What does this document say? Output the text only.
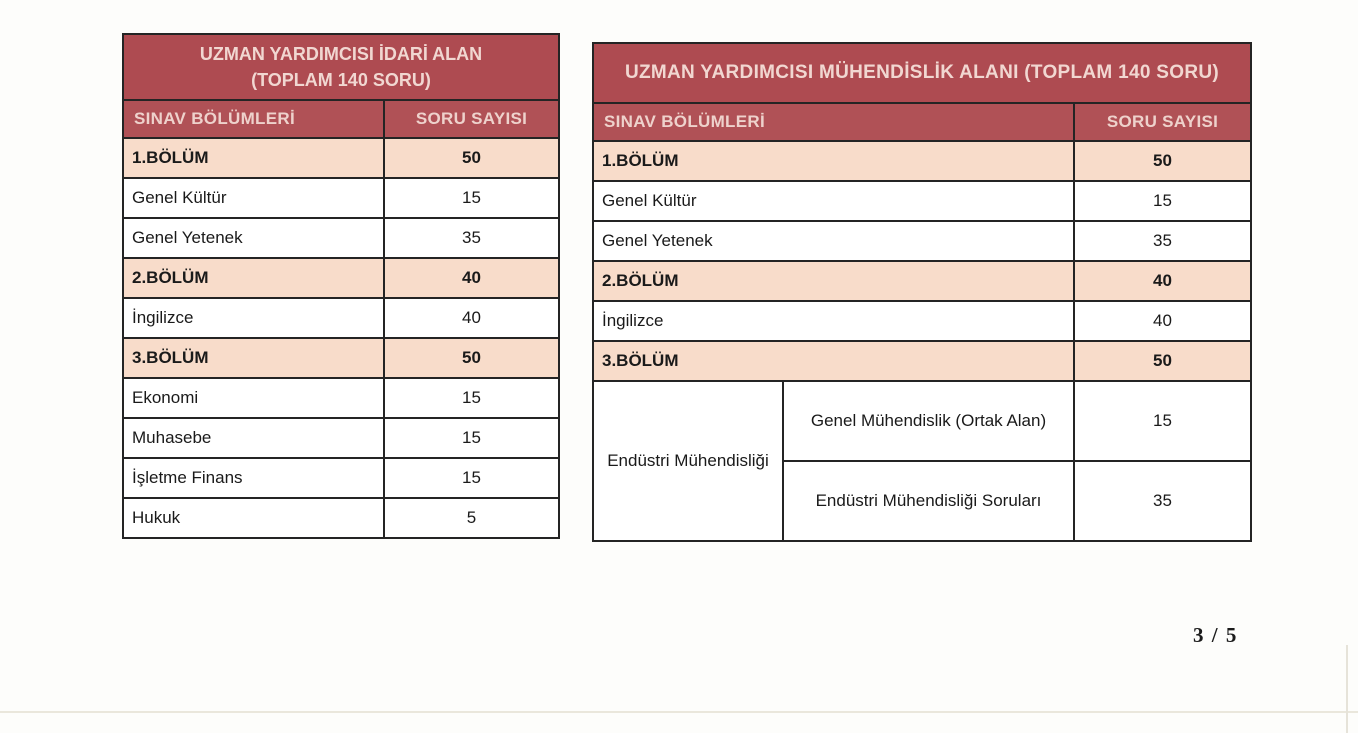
UZMAN YARDIMCISI İDARİ ALAN
(TOPLAM 140 SORU)	

SINAV BÖLÜMLERİ	SORU SAYISI
1.BÖLÜM	50
Genel Kültür	15
Genel Yetenek	35
2.BÖLÜM	40
İngilizce	40
3.BÖLÜM	50
Ekonomi	15
Muhasebe	15
İşletme Finans	15
Hukuk	5
UZMAN YARDIMCISI MÜHENDİSLİK ALANI (TOPLAM 140 SORU)		
SINAV BÖLÜMLERİ		SORU SAYISI
1.BÖLÜM		50
Genel Kültür		15
Genel Yetenek		35
2.BÖLÜM		40
İngilizce		40
3.BÖLÜM		50
Endüstri Mühendisliği	Genel Mühendislik (Ortak Alan)	15
	Endüstri Mühendisliği Soruları	35
3 / 5
